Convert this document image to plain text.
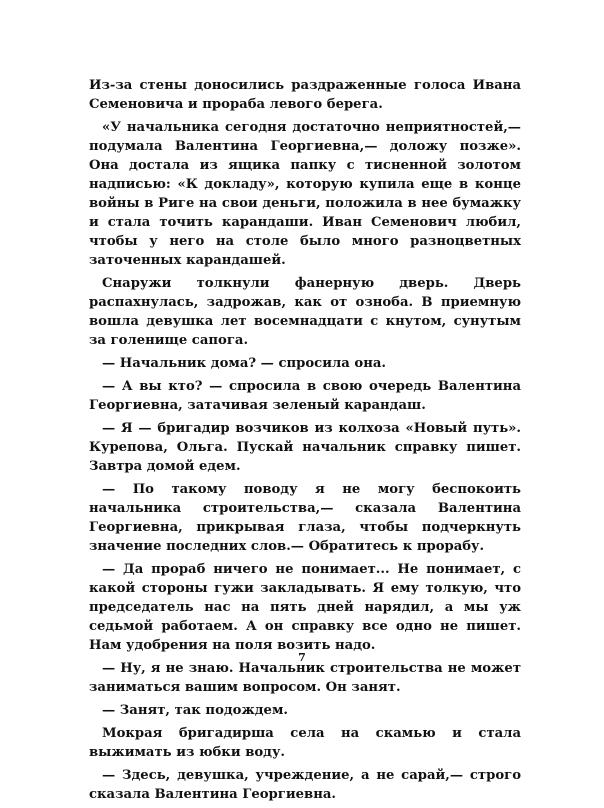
Из-за стены доносились раздраженные голоса Ивана Семеновича и прораба левого берега.

«У начальника сегодня достаточно неприятностей,— подумала Валентина Георгиевна,— доложу позже». Она достала из ящика папку с тисненной золотом надписью: «К докладу», которую купила еще в конце войны в Риге на свои деньги, положила в нее бумажку и стала точить карандаши. Иван Семенович любил, чтобы у него на столе было много разноцветных заточенных карандашей.

Снаружи толкнули фанерную дверь. Дверь распахнулась, задрожав, как от озноба. В приемную вошла девушка лет восемнадцати с кнутом, сунутым за голенище сапога.

— Начальник дома? — спросила она.

— А вы кто? — спросила в свою очередь Валентина Георгиевна, затачивая зеленый карандаш.

— Я — бригадир возчиков из колхоза «Новый путь». Курепова, Ольга. Пускай начальник справку пишет. Завтра домой едем.

— По такому поводу я не могу беспокоить начальника строительства,— сказала Валентина Георгиевна, прикрывая глаза, чтобы подчеркнуть значение последних слов.— Обратитесь к прорабу.

— Да прораб ничего не понимает... Не понимает, с какой стороны гужи закладывать. Я ему толкую, что председатель нас на пять дней нарядил, а мы уж седьмой работаем. А он справку все одно не пишет. Нам удобрения на поля возить надо.

— Ну, я не знаю. Начальник строительства не может заниматься вашим вопросом. Он занят.

— Занят, так подождем.

Мокрая бригадирша села на скамью и стала выжимать из юбки воду.

— Здесь, девушка, учреждение, а не сарай,— строго сказала Валентина Георгиевна.

7
